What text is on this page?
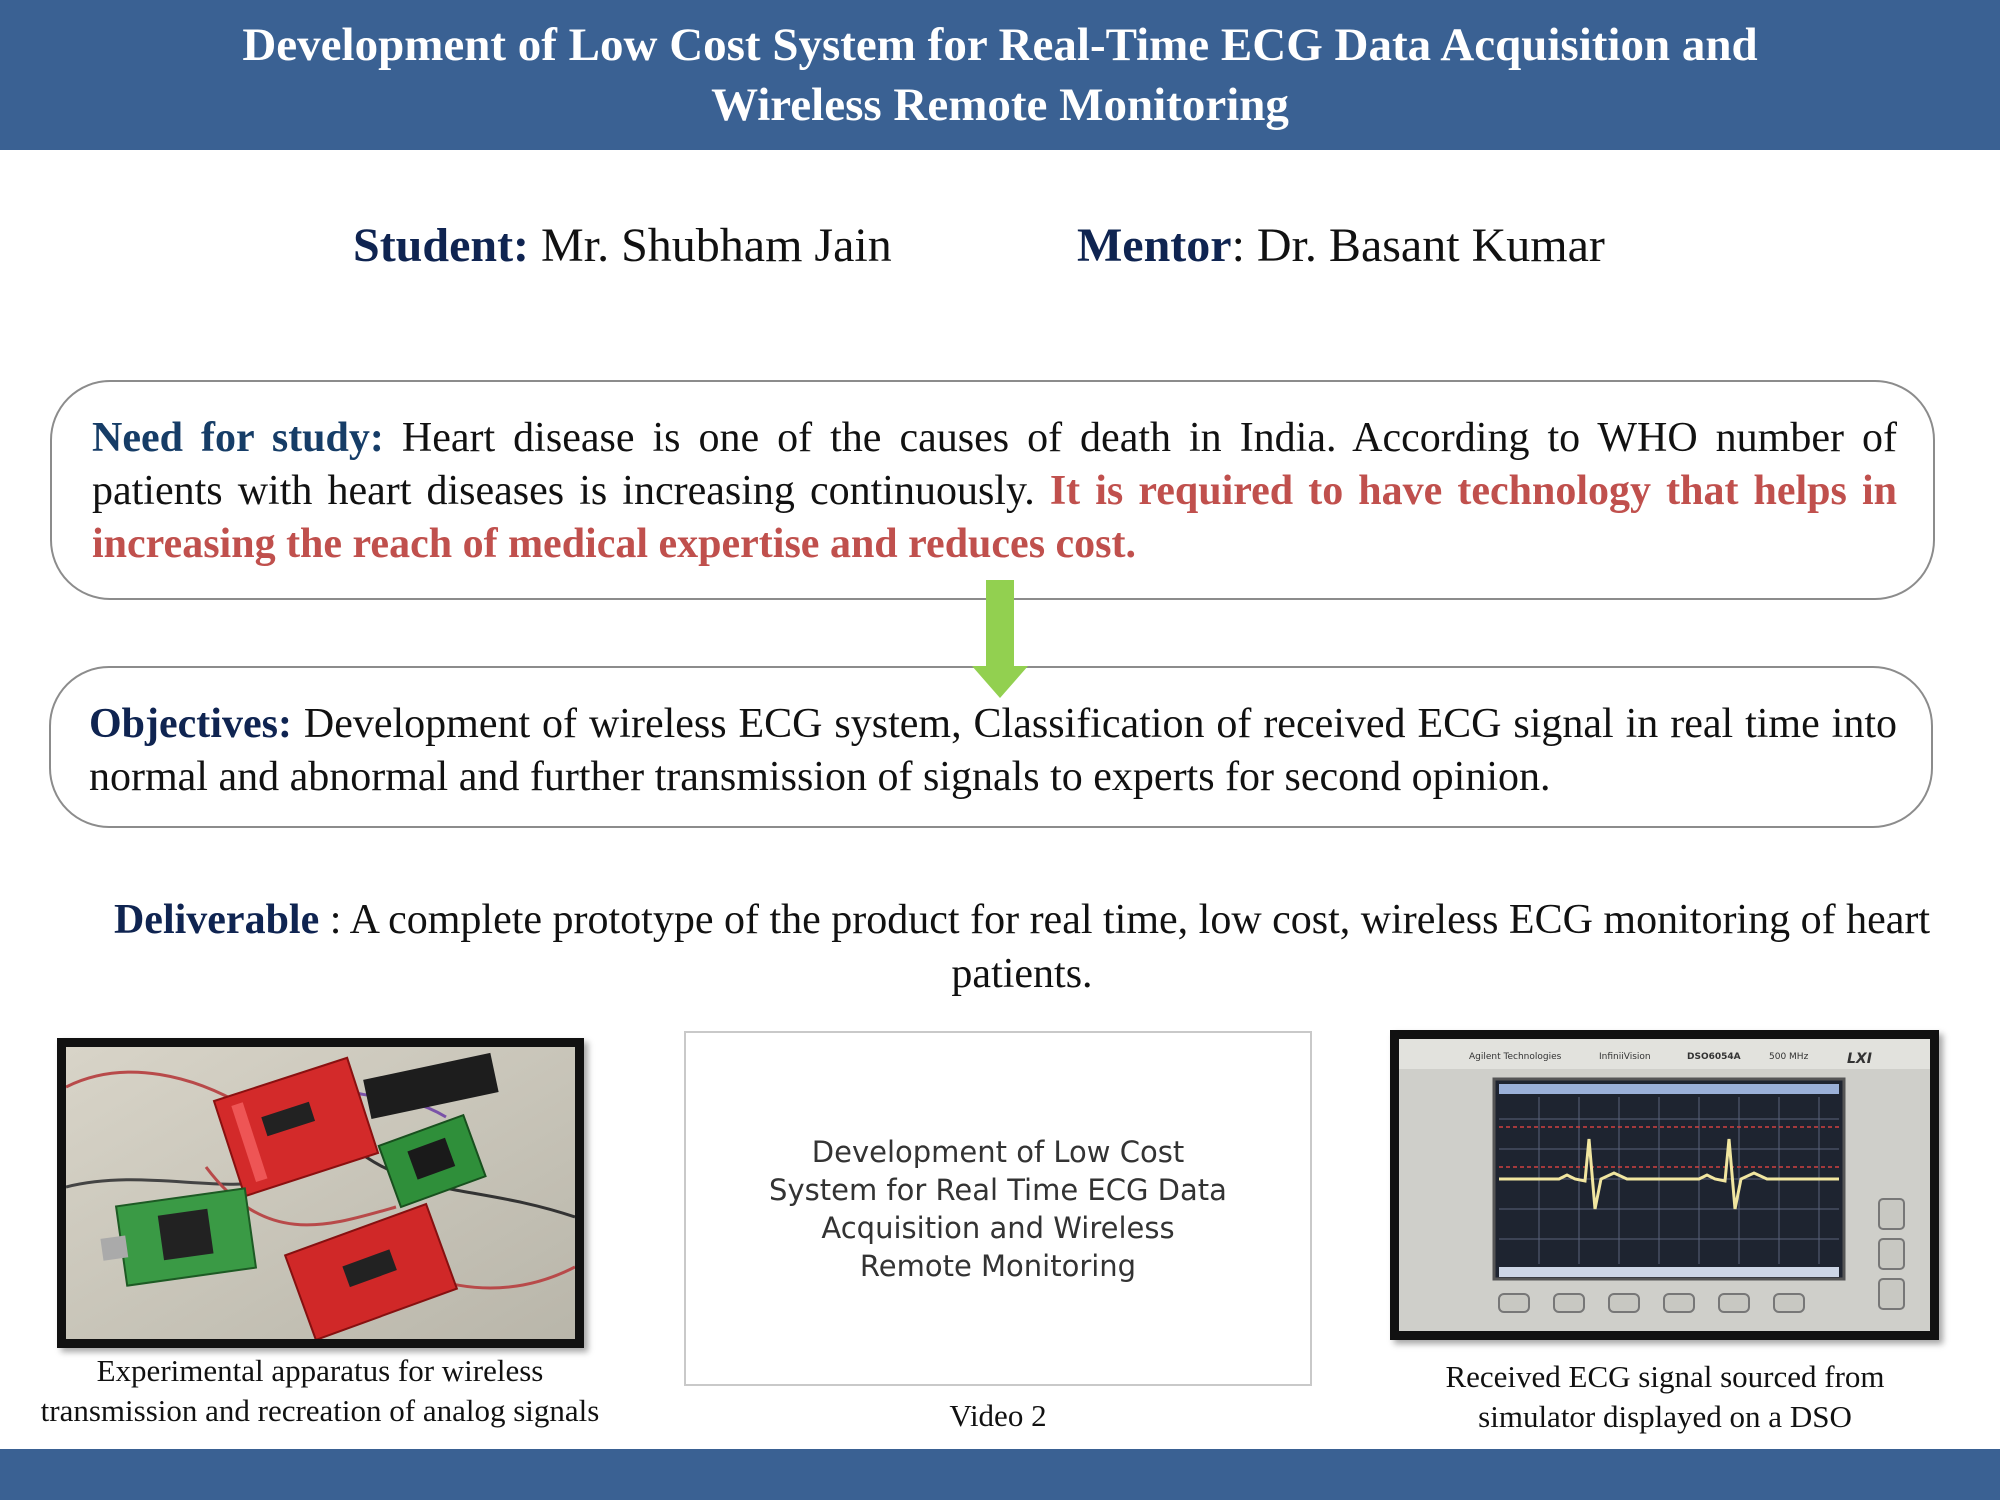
Development of Low Cost System for Real-Time ECG Data Acquisition and
Wireless Remote Monitoring
Student: Mr. Shubham Jain	Mentor: Dr. Basant Kumar

Need for study: Heart disease is one of the causes of death in India. According to WHO number of patients with heart diseases is increasing continuously. It is required to have technology that helps in increasing the reach of medical expertise and reduces cost.

Objectives: Development of wireless ECG system, Classification of received ECG signal in real time into normal and abnormal and further transmission of signals to experts for second opinion.

Deliverable : A complete prototype of the product for real time, low cost, wireless ECG monitoring of heart patients.

Development of Low Cost
System for Real Time ECG Data
Acquisition and Wireless
Remote Monitoring

Agilent Technologies	InfiniiVision	DSO6054A	500 MHz	LXI

Experimental apparatus for wireless
transmission and recreation of analog signals	Video 2

Received ECG signal sourced from
simulator displayed on a DSO
